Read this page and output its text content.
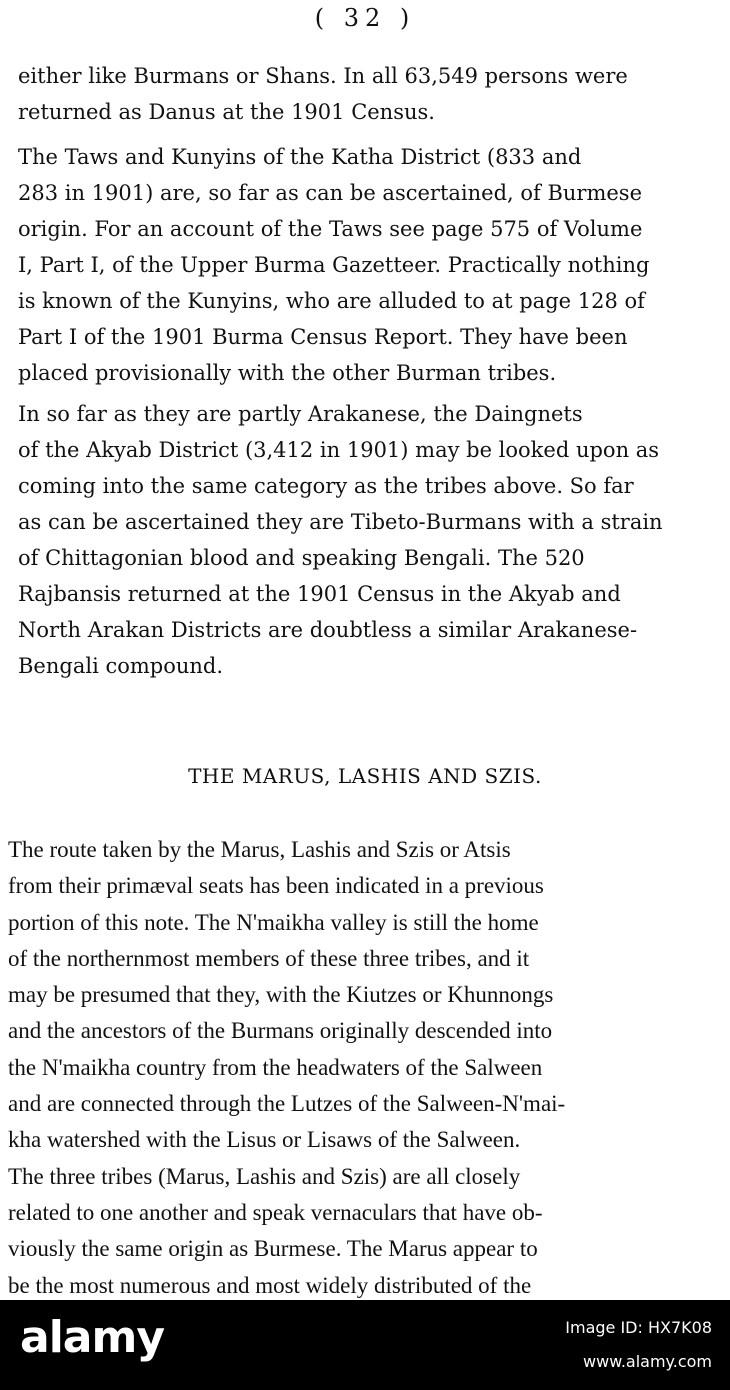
( 32 )

either like Burmans or Shans. In all 63,549 persons were
returned as Danus at the 1901 Census.

The Taws and Kunyins of the Katha District (833 and
283 in 1901) are, so far as can be ascertained, of Burmese
origin. For an account of the Taws see page 575 of Volume
I, Part I, of the Upper Burma Gazetteer. Practically nothing
is known of the Kunyins, who are alluded to at page 128 of
Part I of the 1901 Burma Census Report. They have been
placed provisionally with the other Burman tribes.

In so far as they are partly Arakanese, the Daingnets
of the Akyab District (3,412 in 1901) may be looked upon as
coming into the same category as the tribes above. So far
as can be ascertained they are Tibeto-Burmans with a strain
of Chittagonian blood and speaking Bengali. The 520
Rajbansis returned at the 1901 Census in the Akyab and
North Arakan Districts are doubtless a similar Arakanese-
Bengali compound.

THE MARUS, LASHIS AND SZIS.

The route taken by the Marus, Lashis and Szis or Atsis
from their primæval seats has been indicated in a previous
portion of this note. The N'maikha valley is still the home
of the northernmost members of these three tribes, and it
may be presumed that they, with the Kiutzes or Khunnongs
and the ancestors of the Burmans originally descended into
the N'maikha country from the headwaters of the Salween
and are connected through the Lutzes of the Salween-N'mai-
kha watershed with the Lisus or Lisaws of the Salween.
The three tribes (Marus, Lashis and Szis) are all closely
related to one another and speak vernaculars that have ob-
viously the same origin as Burmese. The Marus appear to
be the most numerous and most widely distributed of the

alamy	Image ID: HX7K08
www.alamy.com
